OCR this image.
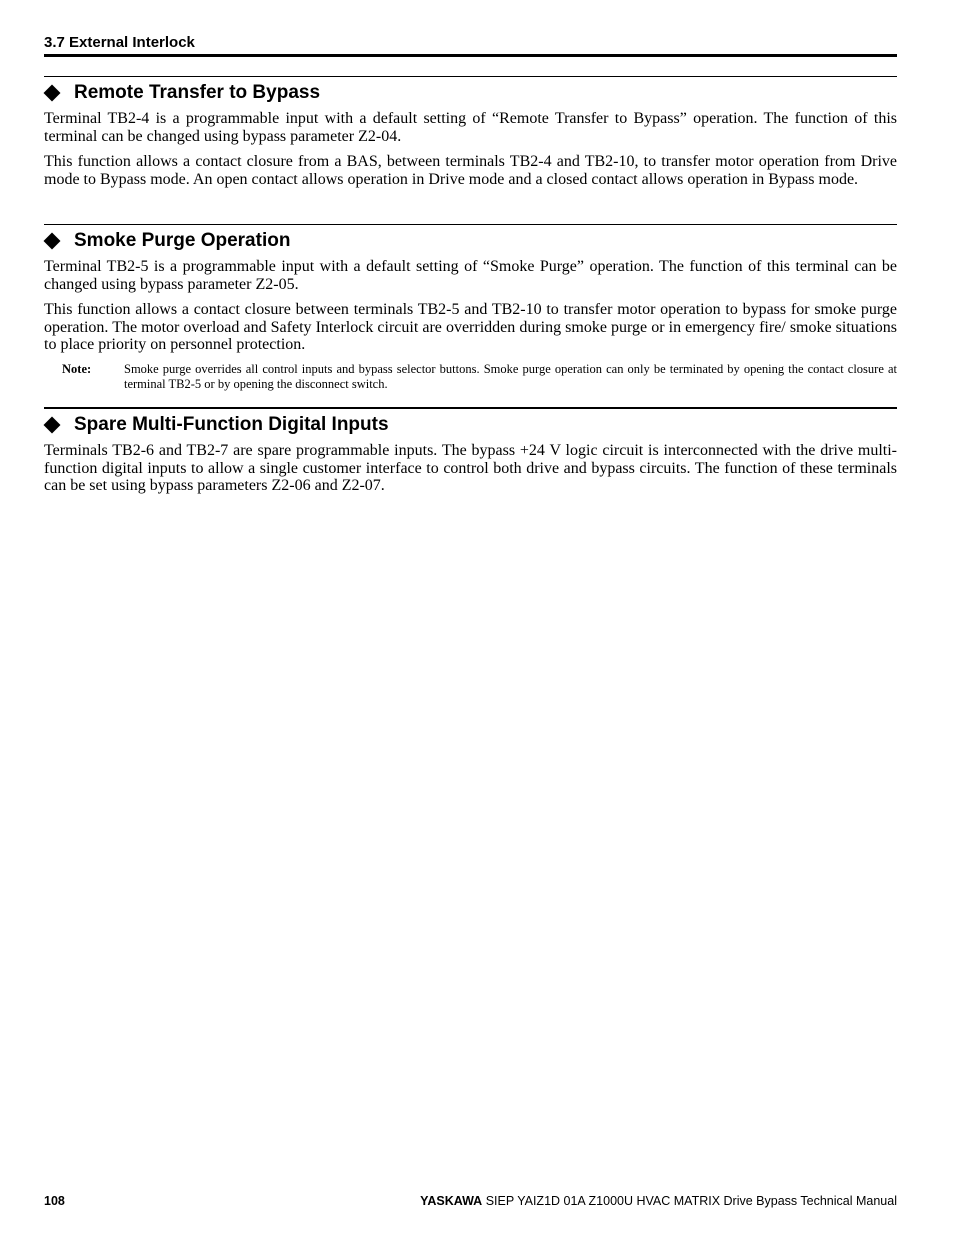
3.7 External Interlock
Remote Transfer to Bypass

Terminal TB2-4 is a programmable input with a default setting of “Remote Transfer to Bypass” operation. The function of this terminal can be changed using bypass parameter Z2-04.

This function allows a contact closure from a BAS, between terminals TB2-4 and TB2-10, to transfer motor operation from Drive mode to Bypass mode. An open contact allows operation in Drive mode and a closed contact allows operation in Bypass mode.

Smoke Purge Operation

Terminal TB2-5 is a programmable input with a default setting of “Smoke Purge” operation. The function of this terminal can be changed using bypass parameter Z2-05.

This function allows a contact closure between terminals TB2-5 and TB2-10 to transfer motor operation to bypass for smoke purge operation. The motor overload and Safety Interlock circuit are overridden during smoke purge or in emergency fire/ smoke situations to place priority on personnel protection.

Note:	Smoke purge overrides all control inputs and bypass selector buttons. Smoke purge operation can only be terminated by opening the contact closure at terminal TB2-5 or by opening the disconnect switch.
Spare Multi-Function Digital Inputs

Terminals TB2-6 and TB2-7 are spare programmable inputs. The bypass +24 V logic circuit is interconnected with the drive multi-function digital inputs to allow a single customer interface to control both drive and bypass circuits. The function of these terminals can be set using bypass parameters Z2-06 and Z2-07.

108	YASKAWA SIEP YAIZ1D 01A Z1000U HVAC MATRIX Drive Bypass Technical Manual
